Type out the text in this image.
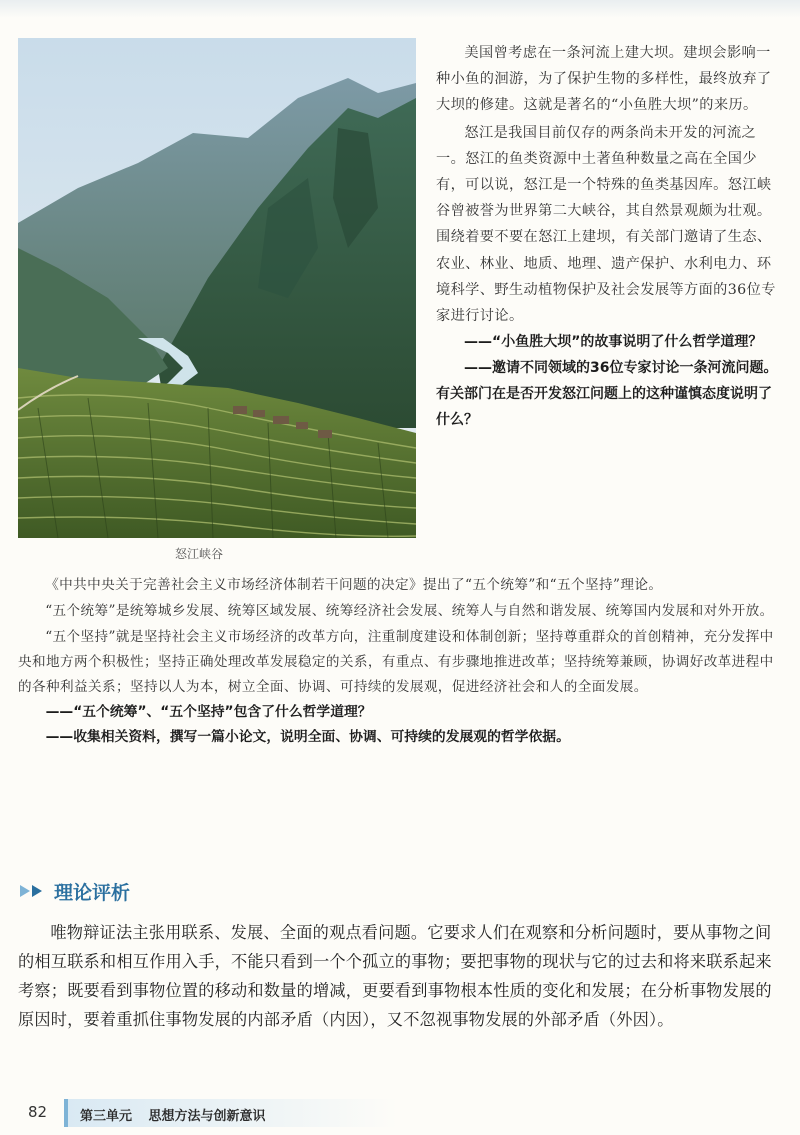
怒江峡谷

美国曾考虑在一条河流上建大坝。建坝会影响一种小鱼的洄游，为了保护生物的多样性，最终放弃了大坝的修建。这就是著名的“小鱼胜大坝”的来历。

怒江是我国目前仅存的两条尚未开发的河流之一。怒江的鱼类资源中土著鱼种数量之高在全国少有，可以说，怒江是一个特殊的鱼类基因库。怒江峡谷曾被誉为世界第二大峡谷，其自然景观颇为壮观。围绕着要不要在怒江上建坝，有关部门邀请了生态、农业、林业、地质、地理、遗产保护、水利电力、环境科学、野生动植物保护及社会发展等方面的36位专家进行讨论。

——“小鱼胜大坝”的故事说明了什么哲学道理？

——邀请不同领域的36位专家讨论一条河流问题。有关部门在是否开发怒江问题上的这种谨慎态度说明了什么？

《中共中央关于完善社会主义市场经济体制若干问题的决定》提出了“五个统筹”和“五个坚持”理论。

“五个统筹”是统筹城乡发展、统筹区域发展、统筹经济社会发展、统筹人与自然和谐发展、统筹国内发展和对外开放。

“五个坚持”就是坚持社会主义市场经济的改革方向，注重制度建设和体制创新；坚持尊重群众的首创精神，充分发挥中央和地方两个积极性；坚持正确处理改革发展稳定的关系，有重点、有步骤地推进改革；坚持统筹兼顾，协调好改革进程中的各种利益关系；坚持以人为本，树立全面、协调、可持续的发展观，促进经济社会和人的全面发展。

——“五个统筹”、“五个坚持”包含了什么哲学道理？

——收集相关资料，撰写一篇小论文，说明全面、协调、可持续的发展观的哲学依据。

理论评析

唯物辩证法主张用联系、发展、全面的观点看问题。它要求人们在观察和分析问题时，要从事物之间的相互联系和相互作用入手，不能只看到一个个孤立的事物；要把事物的现状与它的过去和将来联系起来考察；既要看到事物位置的移动和数量的增减，更要看到事物根本性质的变化和发展；在分析事物发展的原因时，要着重抓住事物发展的内部矛盾（内因），又不忽视事物发展的外部矛盾（外因）。

82	第三单元 思想方法与创新意识
